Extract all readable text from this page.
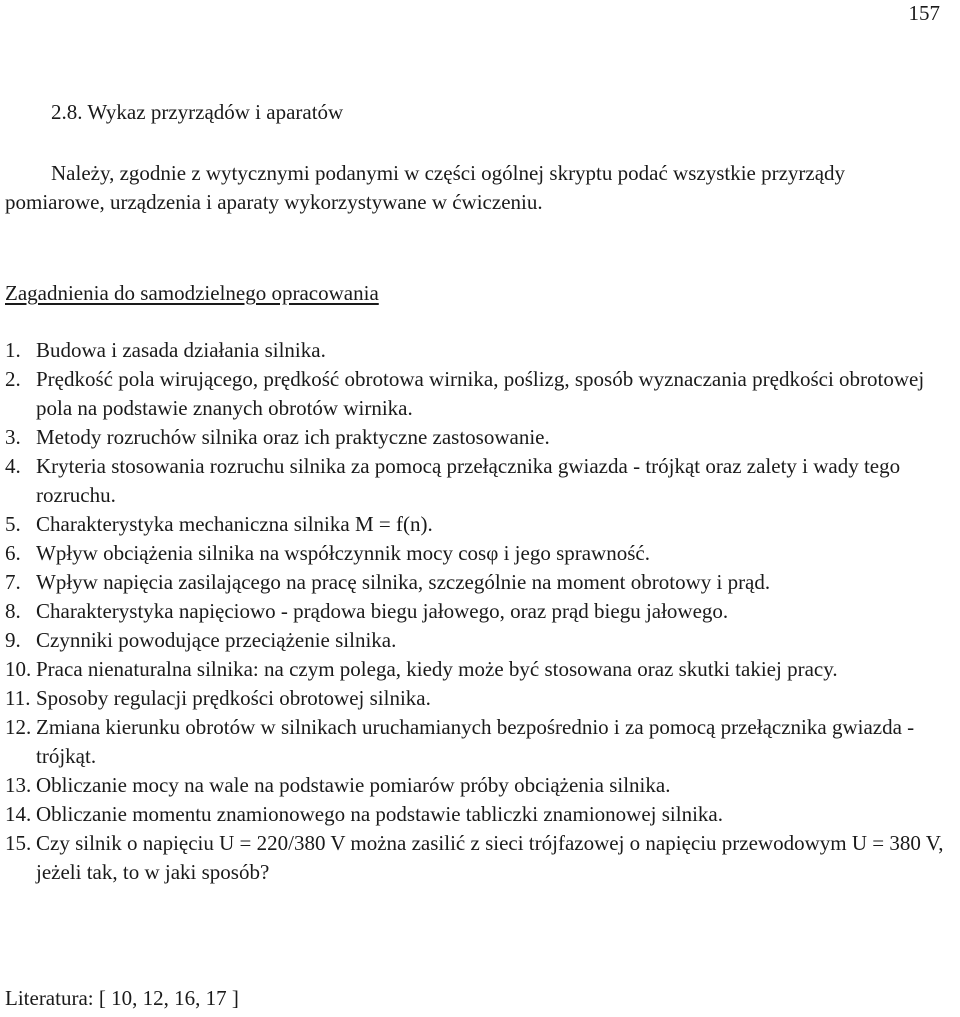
157
2.8. Wykaz przyrządów i aparatów

Należy, zgodnie z wytycznymi podanymi w części ogólnej skryptu podać wszystkie przyrządy pomiarowe, urządzenia i aparaty wykorzystywane w ćwiczeniu.

Zagadnienia do samodzielnego opracowania
1. Budowa i zasada działania silnika.
2. Prędkość pola wirującego, prędkość obrotowa wirnika, poślizg, sposób wyznaczania prędkości obrotowej pola na podstawie znanych obrotów wirnika.
3. Metody rozruchów silnika oraz ich praktyczne zastosowanie.
4. Kryteria stosowania rozruchu silnika za pomocą przełącznika gwiazda - trójkąt oraz zalety i wady tego rozruchu.
5. Charakterystyka mechaniczna silnika M = f(n).
6. Wpływ obciążenia silnika na współczynnik mocy cosφ i jego sprawność.
7. Wpływ napięcia zasilającego na pracę silnika, szczególnie na moment obrotowy i prąd.
8. Charakterystyka napięciowo - prądowa biegu jałowego, oraz prąd biegu jałowego.
9. Czynniki powodujące przeciążenie silnika.
10. Praca nienaturalna silnika: na czym polega, kiedy może być stosowana oraz skutki takiej pracy.
11. Sposoby regulacji prędkości obrotowej silnika.
12. Zmiana kierunku obrotów w silnikach uruchamianych bezpośrednio i za pomocą przełącznika gwiazda - trójkąt.
13. Obliczanie mocy na wale na podstawie pomiarów próby obciążenia silnika.
14. Obliczanie momentu znamionowego na podstawie tabliczki znamionowej silnika.
15. Czy silnik o napięciu U = 220/380 V można zasilić z sieci trójfazowej o napięciu przewodowym U = 380 V, jeżeli tak, to w jaki sposób?
Literatura: [ 10, 12, 16, 17 ]
